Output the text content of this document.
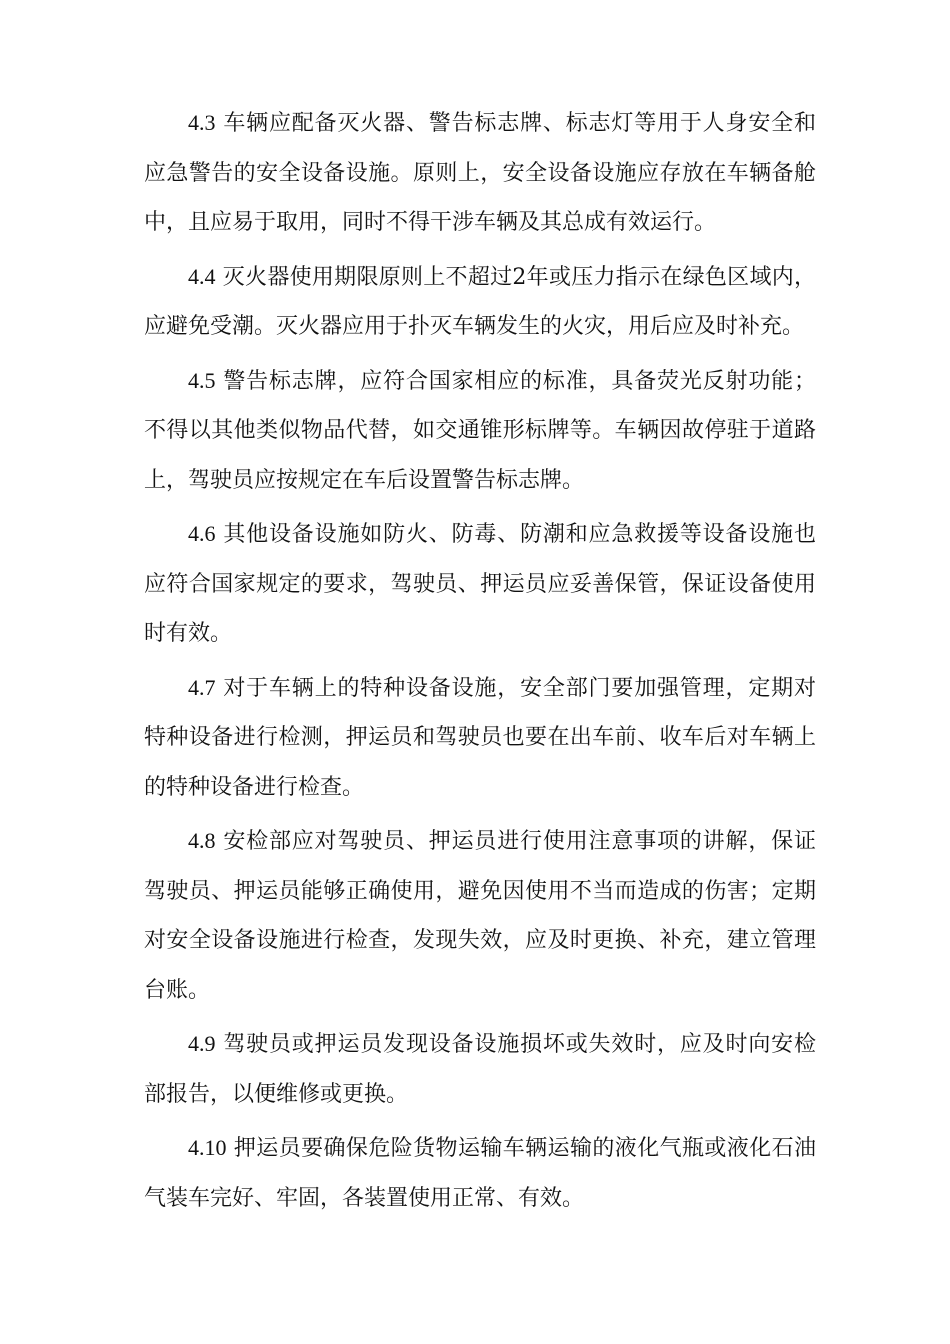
4.3 车辆应配备灭火器、警告标志牌、标志灯等用于人身安全和应急警告的安全设备设施。原则上，安全设备设施应存放在车辆备舱中，且应易于取用，同时不得干涉车辆及其总成有效运行。

4.4 灭火器使用期限原则上不超过2年或压力指示在绿色区域内，应避免受潮。灭火器应用于扑灭车辆发生的火灾，用后应及时补充。

4.5 警告标志牌，应符合国家相应的标准，具备荧光反射功能；不得以其他类似物品代替，如交通锥形标牌等。车辆因故停驻于道路上，驾驶员应按规定在车后设置警告标志牌。

4.6 其他设备设施如防火、防毒、防潮和应急救援等设备设施也应符合国家规定的要求，驾驶员、押运员应妥善保管，保证设备使用时有效。

4.7 对于车辆上的特种设备设施，安全部门要加强管理，定期对特种设备进行检测，押运员和驾驶员也要在出车前、收车后对车辆上的特种设备进行检查。

4.8 安检部应对驾驶员、押运员进行使用注意事项的讲解，保证驾驶员、押运员能够正确使用，避免因使用不当而造成的伤害；定期对安全设备设施进行检查，发现失效，应及时更换、补充，建立管理台账。

4.9 驾驶员或押运员发现设备设施损坏或失效时，应及时向安检部报告，以便维修或更换。

4.10 押运员要确保危险货物运输车辆运输的液化气瓶或液化石油气装车完好、牢固，各装置使用正常、有效。
